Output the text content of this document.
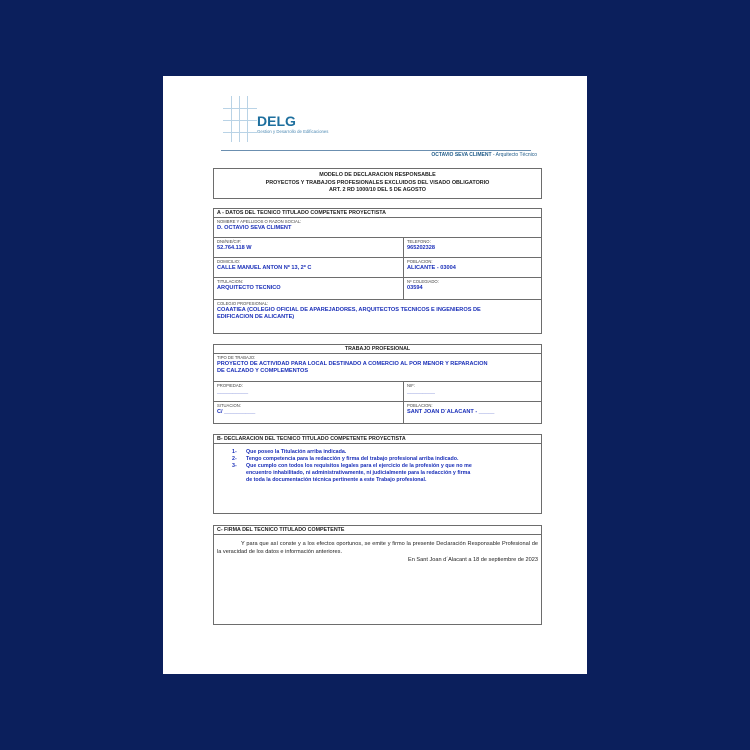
DELG
Gestion y Desarrollo de Edificaciones
OCTAVIO SEVA CLIMENT - Arquitecto Técnico
MODELO DE DECLARACION RESPONSABLE
PROYECTOS Y TRABAJOS PROFESIONALES EXCLUIDOS DEL VISADO OBLIGATORIO
ART. 2 RD 1000/10 DEL 5 DE AGOSTO
A - DATOS DEL TECNICO TITULADO COMPETENTE PROYECTISTA
NOMBRE Y APELLIDOS O RAZON SOCIAL:
D. OCTAVIO SEVA CLIMENT
DNI/NIE/CIF:
52.764.118 W
TELEFONO:
965202328
DOMICILIO:
CALLE MANUEL ANTON Nº 13, 2º C
POBLACION:
ALICANTE - 03004
TITULACION:
ARQUITECTO TECNICO
Nº COLEGIADO:
03594
COLEGIO PROFESIONAL:
COAATIEA (COLEGIO OFICIAL DE APAREJADORES, ARQUITECTOS TECNICOS E INGENIEROS DE
EDIFICACION DE ALICANTE)
TRABAJO PROFESIONAL
TIPO DE TRABAJO:
PROYECTO DE ACTIVIDAD PARA LOCAL DESTINADO A COMERCIO AL POR MENOR Y REPARACION
DE CALZADO Y COMPLEMENTOS
PROPIEDAD:
__________
NIF:
_________
SITUACION:
C/ __________
POBLACION:
SANT JOAN D´ALACANT - _____
B- DECLARACION DEL TECNICO TITULADO COMPETENTE PROYECTISTA
1-	Que poseo la Titulación arriba indicada.
2-	Tengo competencia para la redacción y firma del trabajo profesional arriba indicado.
3-	Que cumplo con todos los requisitos legales para el ejercicio de la profesión y que no me
encuentro inhabilitado, ni administrativamente, ni judicialmente para la redacción y firma
de toda la documentación técnica pertinente a este Trabajo profesional.
C- FIRMA DEL TECNICO TITULADO COMPETENTE
Y para que así conste y a los efectos oportunos, se emite y firmo la presente Declaración Responsable Profesional de la veracidad de los datos e información anteriores.
En Sant Joan d´Alacant a 18 de septiembre de 2023
